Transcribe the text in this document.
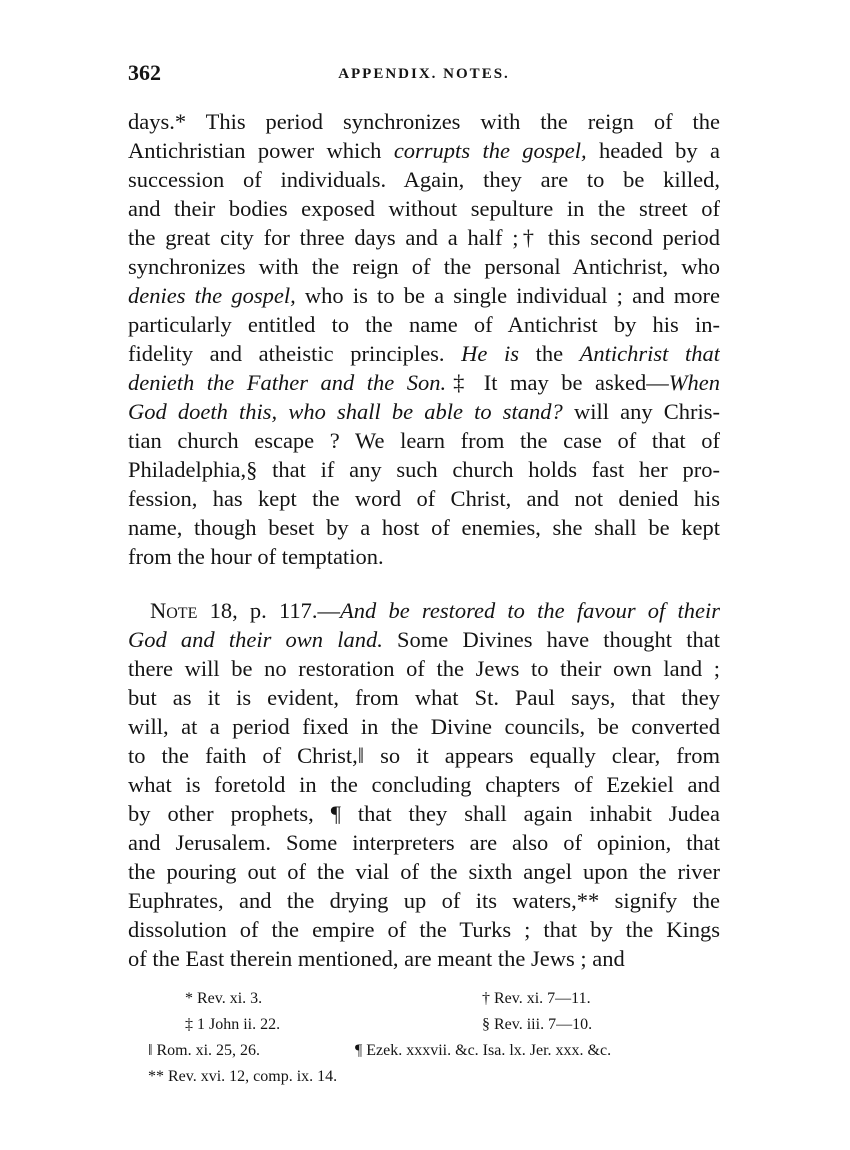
362	APPENDIX. NOTES.
days.* This period synchronizes with the reign of the
Antichristian power which corrupts the gospel, headed by a
succession of individuals. Again, they are to be killed,
and their bodies exposed without sepulture in the street of
the great city for three days and a half ;† this second period
synchronizes with the reign of the personal Antichrist, who
denies the gospel, who is to be a single individual ; and more
particularly entitled to the name of Antichrist by his in-
fidelity and atheistic principles. He is the Antichrist that
denieth the Father and the Son.‡ It may be asked—When
God doeth this, who shall be able to stand? will any Chris-
tian church escape ? We learn from the case of that of
Philadelphia,§ that if any such church holds fast her pro-
fession, has kept the word of Christ, and not denied his
name, though beset by a host of enemies, she shall be kept
from the hour of temptation.
Note 18, p. 117.—And be restored to the favour of their
God and their own land. Some Divines have thought that
there will be no restoration of the Jews to their own land ;
but as it is evident, from what St. Paul says, that they
will, at a period fixed in the Divine councils, be converted
to the faith of Christ,‖ so it appears equally clear, from
what is foretold in the concluding chapters of Ezekiel and
by other prophets, ¶ that they shall again inhabit Judea
and Jerusalem. Some interpreters are also of opinion, that
the pouring out of the vial of the sixth angel upon the river
Euphrates, and the drying up of its waters,** signify the
dissolution of the empire of the Turks ; that by the Kings
of the East therein mentioned, are meant the Jews ; and
* Rev. xi. 3.	† Rev. xi. 7—11.
‡ 1 John ii. 22.	§ Rev. iii. 7—10.
‖ Rom. xi. 25, 26.	¶ Ezek. xxxvii. &c. Isa. lx. Jer. xxx. &c.
** Rev. xvi. 12, comp. ix. 14.
